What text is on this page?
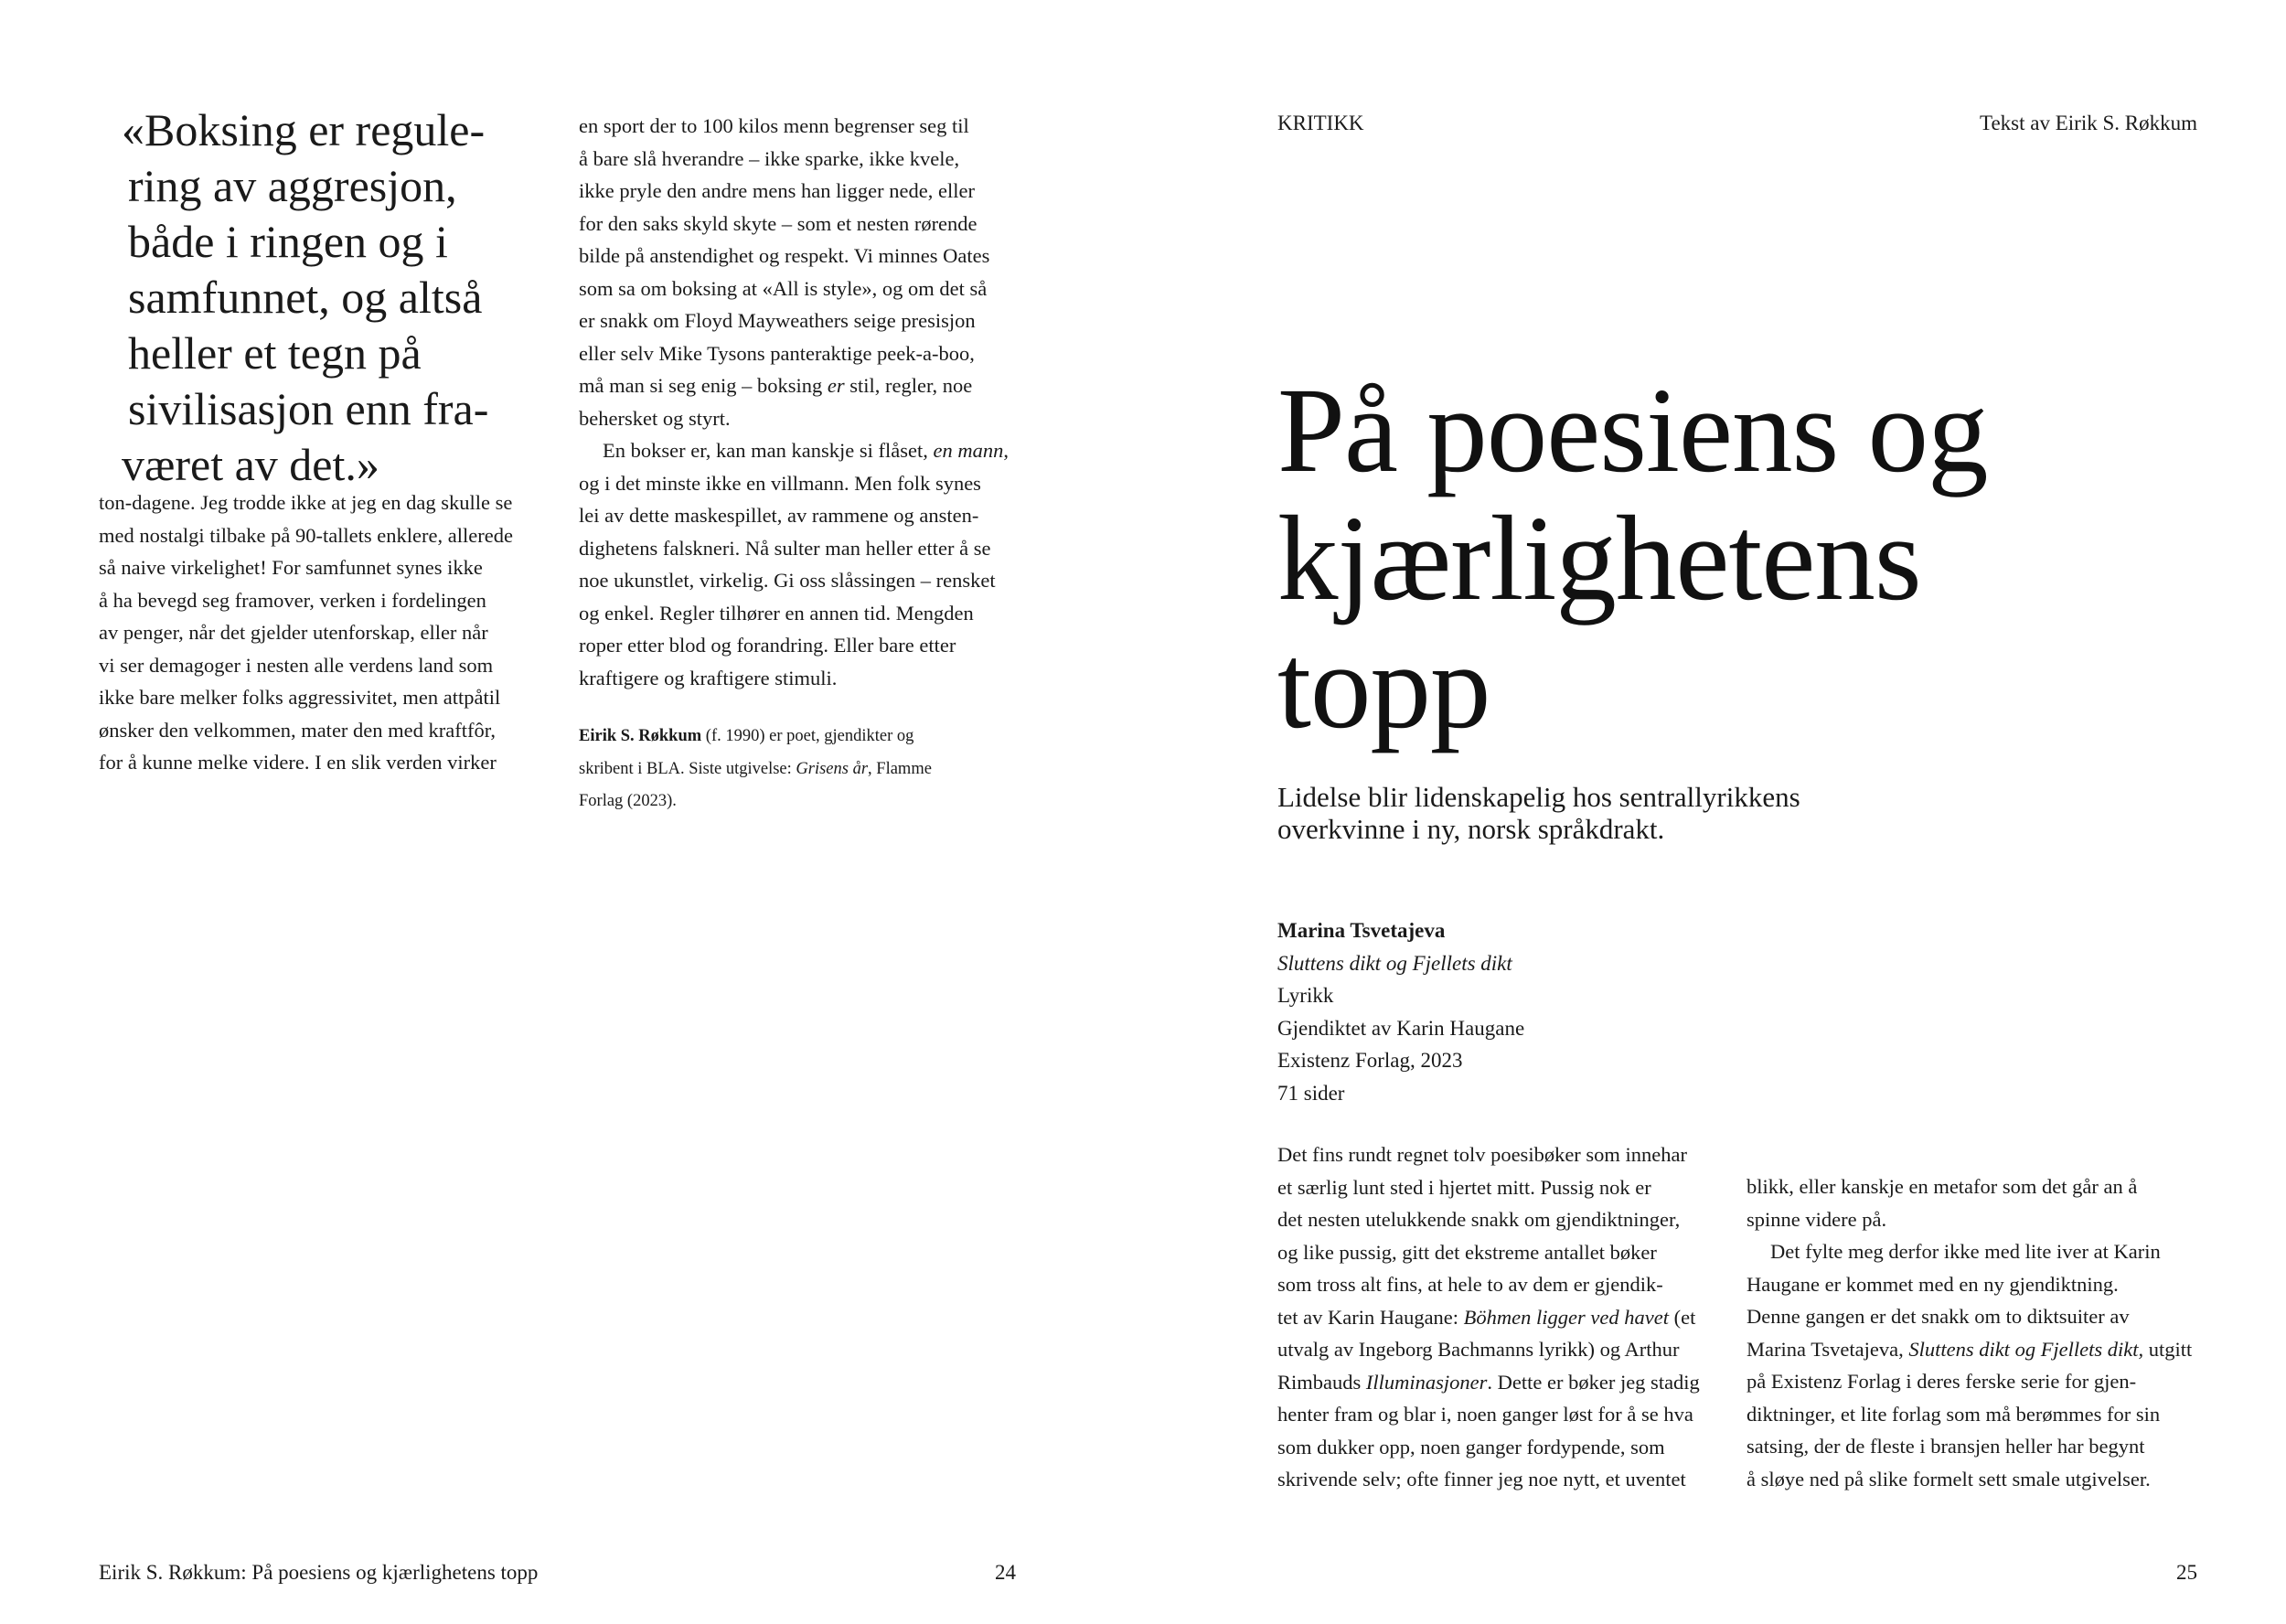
«Boksing er regule-
ring av aggresjon,
både i ringen og i
samfunnet, og altså
heller et tegn på
sivilisasjon enn fra-
været av det.»
ton-dagene. Jeg trodde ikke at jeg en dag skulle se
med nostalgi tilbake på 90-tallets enklere, allerede
så naive virkelighet! For samfunnet synes ikke
å ha bevegd seg framover, verken i fordelingen
av penger, når det gjelder utenforskap, eller når
vi ser demagoger i nesten alle verdens land som
ikke bare melker folks aggressivitet, men attpåtil
ønsker den velkommen, mater den med kraftfôr,
for å kunne melke videre. I en slik verden virker
en sport der to 100 kilos menn begrenser seg til
å bare slå hverandre – ikke sparke, ikke kvele,
ikke pryle den andre mens han ligger nede, eller
for den saks skyld skyte – som et nesten rørende
bilde på anstendighet og respekt. Vi minnes Oates
som sa om boksing at «All is style», og om det så
er snakk om Floyd Mayweathers seige presisjon
eller selv Mike Tysons panteraktige peek-a-boo,
må man si seg enig – boksing er stil, regler, noe
behersket og styrt.
En bokser er, kan man kanskje si flåset, en mann,
og i det minste ikke en villmann. Men folk synes
lei av dette maskespillet, av rammene og ansten-
dighetens falskneri. Nå sulter man heller etter å se
noe ukunstlet, virkelig. Gi oss slåssingen – rensket
og enkel. Regler tilhører en annen tid. Mengden
roper etter blod og forandring. Eller bare etter
kraftigere og kraftigere stimuli.
Eirik S. Røkkum (f. 1990) er poet, gjendikter og
skribent i BLA. Siste utgivelse: Grisens år, Flamme
Forlag (2023).
Eirik S. Røkkum: På poesiens og kjærlighetens topp	24
KRITIKK	Tekst av Eirik S. Røkkum
På poesiens og
kjærlighetens
topp
Lidelse blir lidenskapelig hos sentrallyrikkens
overkvinne i ny, norsk språkdrakt.
Marina Tsvetajeva
Sluttens dikt og Fjellets dikt
Lyrikk
Gjendiktet av Karin Haugane
Existenz Forlag, 2023
71 sider
Det fins rundt regnet tolv poesibøker som innehar
et særlig lunt sted i hjertet mitt. Pussig nok er
det nesten utelukkende snakk om gjendiktninger,
og like pussig, gitt det ekstreme antallet bøker
som tross alt fins, at hele to av dem er gjendik-
tet av Karin Haugane: Böhmen ligger ved havet (et
utvalg av Ingeborg Bachmanns lyrikk) og Arthur
Rimbauds Illuminasjoner. Dette er bøker jeg stadig
henter fram og blar i, noen ganger løst for å se hva
som dukker opp, noen ganger fordypende, som
skrivende selv; ofte finner jeg noe nytt, et uventet
blikk, eller kanskje en metafor som det går an å
spinne videre på.
Det fylte meg derfor ikke med lite iver at Karin
Haugane er kommet med en ny gjendiktning.
Denne gangen er det snakk om to diktsuiter av
Marina Tsvetajeva, Sluttens dikt og Fjellets dikt, utgitt
på Existenz Forlag i deres ferske serie for gjen-
diktninger, et lite forlag som må berømmes for sin
satsing, der de fleste i bransjen heller har begynt
å sløye ned på slike formelt sett smale utgivelser.
25
